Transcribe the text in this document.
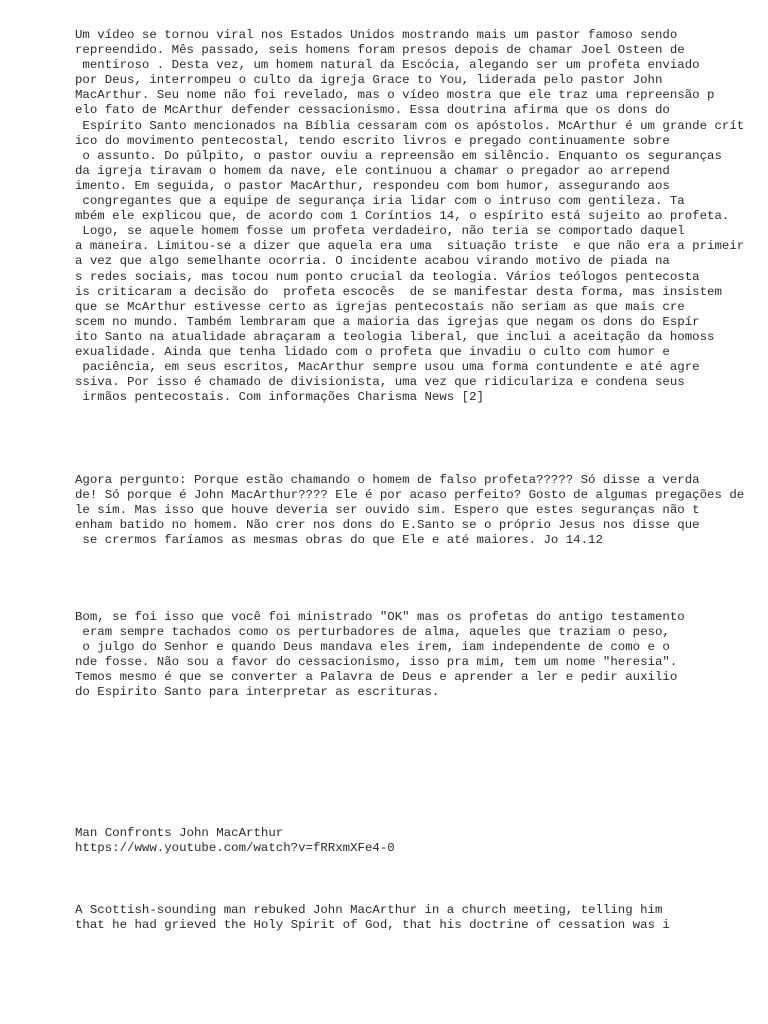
Um vídeo se tornou viral nos Estados Unidos mostrando mais um pastor famoso sendo
repreendido. Mês passado, seis homens foram presos depois de chamar Joel Osteen de
mentiroso . Desta vez, um homem natural da Escócia, alegando ser um profeta enviado
por Deus, interrompeu o culto da igreja Grace to You, liderada pelo pastor John
MacArthur. Seu nome não foi revelado, mas o vídeo mostra que ele traz uma repreensão p
elo fato de McArthur defender cessacionismo. Essa doutrina afirma que os dons do
Espírito Santo mencionados na Bíblia cessaram com os apóstolos. McArthur é um grande crít
ico do movimento pentecostal, tendo escrito livros e pregado continuamente sobre
o assunto. Do púlpito, o pastor ouviu a repreensão em silêncio. Enquanto os seguranças
da igreja tiravam o homem da nave, ele continuou a chamar o pregador ao arrepend
imento. Em seguida, o pastor MacArthur, respondeu com bom humor, assegurando aos
congregantes que a equipe de segurança iria lidar com o intruso com gentileza. Ta
mbém ele explicou que, de acordo com 1 Coríntios 14, o espírito está sujeito ao profeta.
Logo, se aquele homem fosse um profeta verdadeiro, não teria se comportado daquel
a maneira. Limitou-se a dizer que aquela era uma  situação triste  e que não era a primeir
a vez que algo semelhante ocorria. O incidente acabou virando motivo de piada na
s redes sociais, mas tocou num ponto crucial da teologia. Vários teólogos pentecosta
is criticaram a decisão do  profeta escocês  de se manifestar desta forma, mas insistem
que se McArthur estivesse certo as igrejas pentecostais não seriam as que mais cre
scem no mundo. Também lembraram que a maioria das igrejas que negam os dons do Espír
ito Santo na atualidade abraçaram a teologia liberal, que inclui a aceitação da homoss
exualidade. Ainda que tenha lidado com o profeta que invadiu o culto com humor e
paciência, em seus escritos, MacArthur sempre usou uma forma contundente e até agre
ssiva. Por isso é chamado de divisionista, uma vez que ridiculariza e condena seus
irmãos pentecostais. Com informações Charisma News [2]
Agora pergunto: Porque estão chamando o homem de falso profeta????? Só disse a verda
de! Só porque é John MacArthur???? Ele é por acaso perfeito? Gosto de algumas pregações de
le sim. Mas isso que houve deveria ser ouvido sim. Espero que estes seguranças não t
enham batido no homem. Não crer nos dons do E.Santo se o próprio Jesus nos disse que
se crermos faríamos as mesmas obras do que Ele e até maiores. Jo 14.12
Bom, se foi isso que você foi ministrado "OK" mas os profetas do antigo testamento
eram sempre tachados como os perturbadores de alma, aqueles que traziam o peso,
o julgo do Senhor e quando Deus mandava eles irem, iam independente de como e o
nde fosse. Não sou a favor do cessacionismo, isso pra mim, tem um nome "heresia".
Temos mesmo é que se converter a Palavra de Deus e aprender a ler e pedir auxilio
do Espirito Santo para interpretar as escrituras.
Man Confronts John MacArthur
https://www.youtube.com/watch?v=fRRxmXFe4-0
A Scottish-sounding man rebuked John MacArthur in a church meeting, telling him
that he had grieved the Holy Spirit of God, that his doctrine of cessation was i
